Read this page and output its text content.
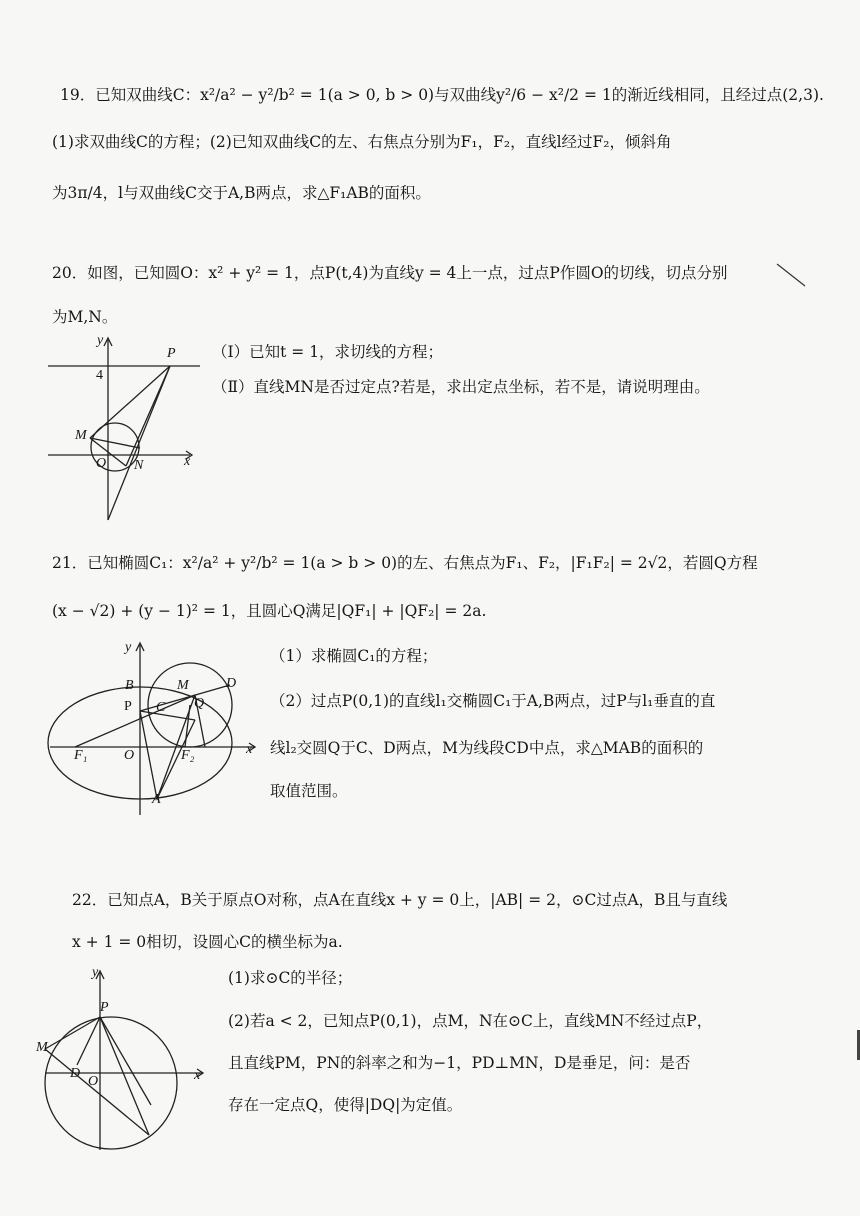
19．已知双曲线C：x²/a² − y²/b² = 1(a > 0, b > 0)与双曲线y²/6 − x²/2 = 1的渐近线相同，且经过点(2,3).
(1)求双曲线C的方程；(2)已知双曲线C的左、右焦点分别为F₁，F₂，直线l经过F₂，倾斜角
为3π/4，l与双曲线C交于A,B两点，求△F₁AB的面积。
20．如图，已知圆O：x² + y² = 1，点P(t,4)为直线y = 4上一点，过点P作圆O的切线，切点分别
为M,N。
（Ⅰ）已知t = 1，求切线的方程；
（Ⅱ）直线MN是否过定点?若是，求出定点坐标，若不是，请说明理由。
y
P
4
M
O N	x
21．已知椭圆C₁：x²/a² + y²/b² = 1(a > b > 0)的左、右焦点为F₁、F₂，|F₁F₂| = 2√2，若圆Q方程
(x − √2) + (y − 1)² = 1，且圆心Q满足|QF₁| + |QF₂| = 2a.
（1）求椭圆C₁的方程；
（2）过点P(0,1)的直线l₁交椭圆C₁于A,B两点，过P与l₁垂直的直
线l₂交圆Q于C、D两点，M为线段CD中点，求△MAB的面积的
取值范围。
y
B	M	D
P C Q
F₁	O	F₂	x
A
22．已知点A，B关于原点O对称，点A在直线x + y = 0上，|AB| = 2，⊙C过点A，B且与直线
x + 1 = 0相切，设圆心C的横坐标为a.
(1)求⊙C的半径；
(2)若a < 2，已知点P(0,1)，点M，N在⊙C上，直线MN不经过点P，
且直线PM，PN的斜率之和为−1，PD⊥MN，D是垂足，问：是否
存在一定点Q，使得|DQ|为定值。
y
P
M
D
O	x
